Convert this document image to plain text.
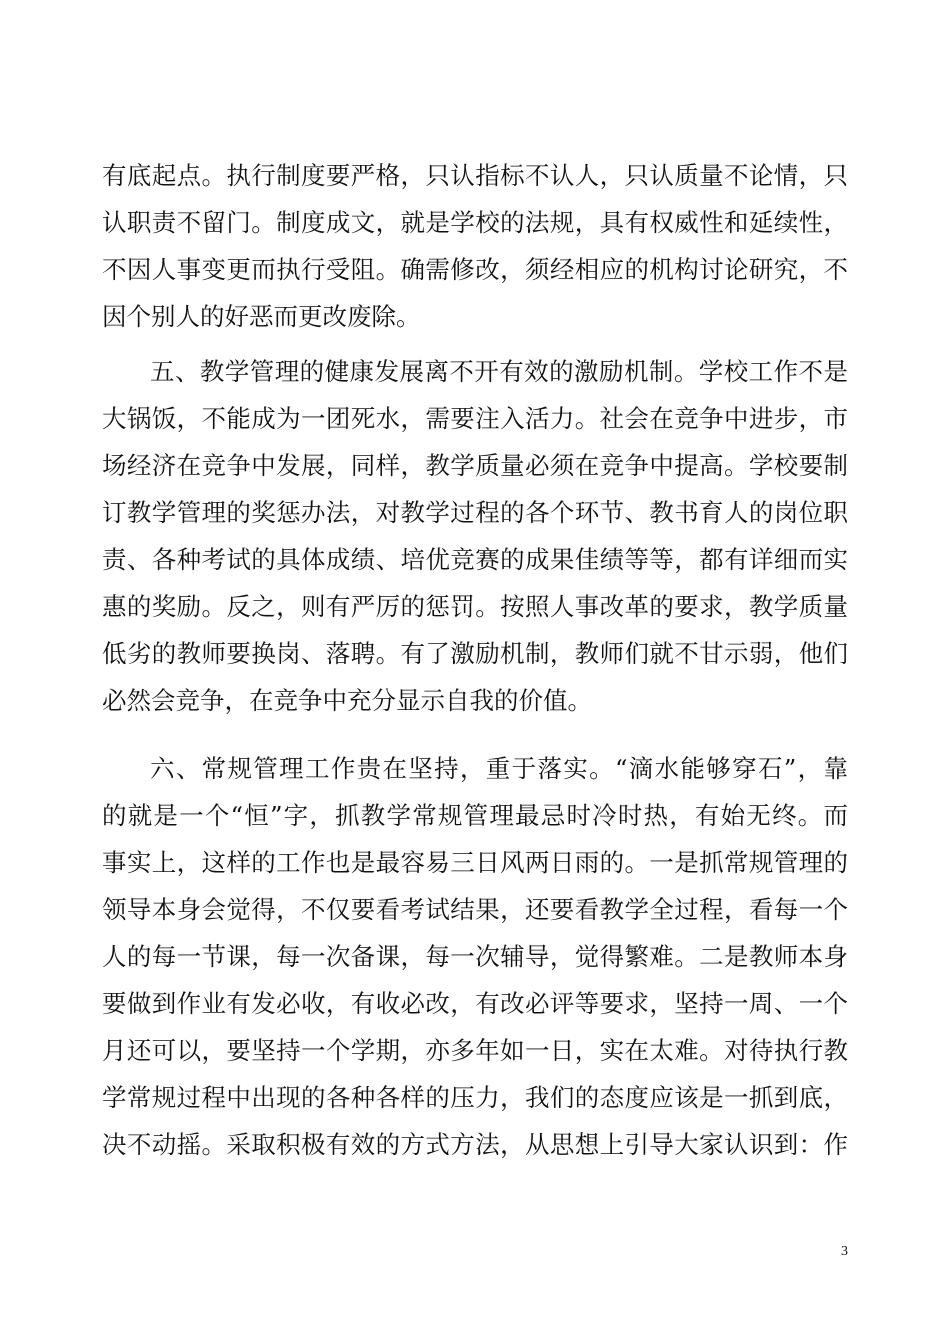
有底起点。执行制度要严格，只认指标不认人，只认质量不论情，只
认职责不留门。制度成文，就是学校的法规，具有权威性和延续性，
不因人事变更而执行受阻。确需修改，须经相应的机构讨论研究，不
因个别人的好恶而更改废除。
五、教学管理的健康发展离不开有效的激励机制。学校工作不是
大锅饭，不能成为一团死水，需要注入活力。社会在竞争中进步，市
场经济在竞争中发展，同样，教学质量必须在竞争中提高。学校要制
订教学管理的奖惩办法，对教学过程的各个环节、教书育人的岗位职
责、各种考试的具体成绩、培优竞赛的成果佳绩等等，都有详细而实
惠的奖励。反之，则有严厉的惩罚。按照人事改革的要求，教学质量
低劣的教师要换岗、落聘。有了激励机制，教师们就不甘示弱，他们
必然会竞争，在竞争中充分显示自我的价值。
六、常规管理工作贵在坚持，重于落实。“滴水能够穿石”，靠
的就是一个“恒”字，抓教学常规管理最忌时冷时热，有始无终。而
事实上，这样的工作也是最容易三日风两日雨的。一是抓常规管理的
领导本身会觉得，不仅要看考试结果，还要看教学全过程，看每一个
人的每一节课，每一次备课，每一次辅导，觉得繁难。二是教师本身
要做到作业有发必收，有收必改，有改必评等要求，坚持一周、一个
月还可以，要坚持一个学期，亦多年如一日，实在太难。对待执行教
学常规过程中出现的各种各样的压力，我们的态度应该是一抓到底，
决不动摇。采取积极有效的方式方法，从思想上引导大家认识到：作
3
